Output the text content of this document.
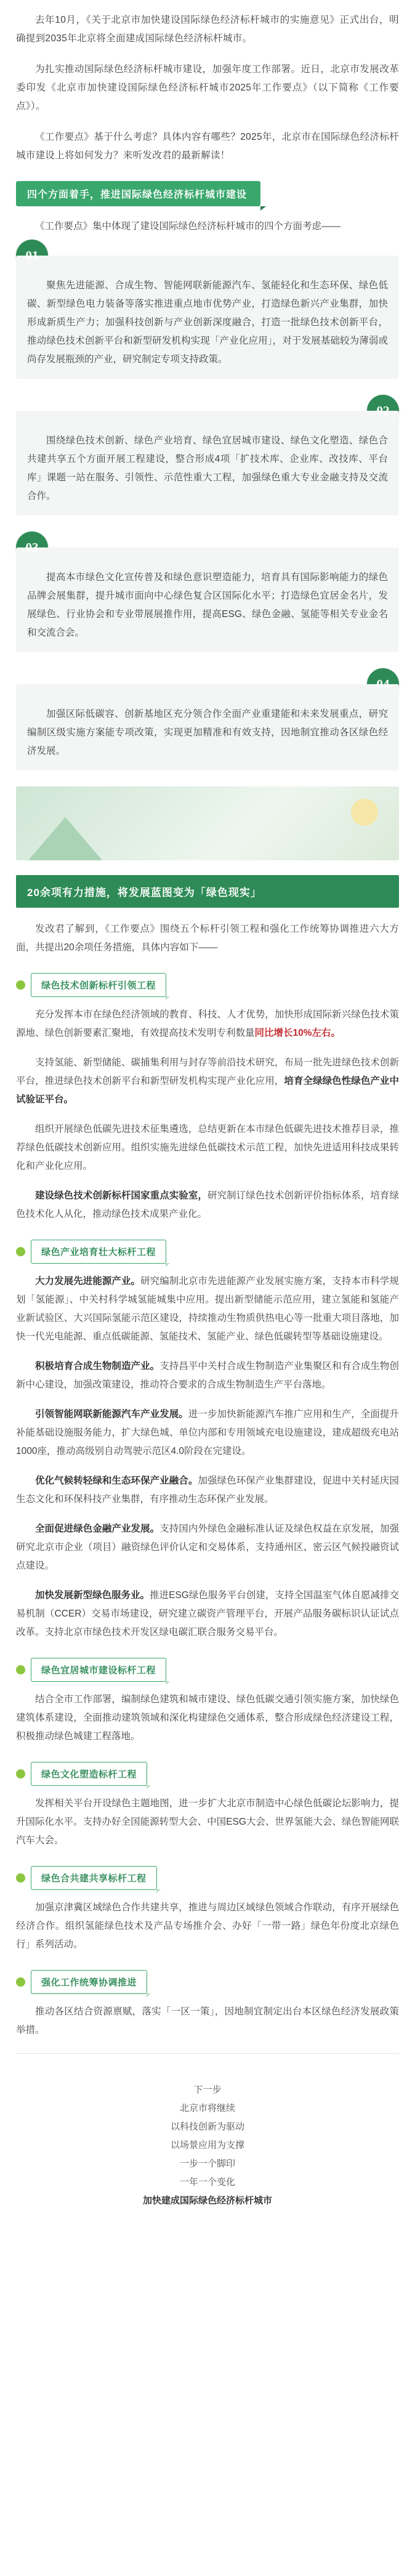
去年10月，《关于北京市加快建设国际绿色经济标杆城市的实施意见》正式出台，明确提到2035年北京将全面建成国际绿色经济标杆城市。

为扎实推动国际绿色经济标杆城市建设，加强年度工作部署。近日，北京市发展改革委印发《北京市加快建设国际绿色经济标杆城市2025年工作要点》（以下简称《工作要点》）。

《工作要点》基于什么考虑？具体内容有哪些？2025年，北京市在国际绿色经济标杆城市建设上将如何发力？来听发改君的最新解读！

四个方面着手，推进国际绿色经济标杆城市建设

《工作要点》集中体现了建设国际绿色经济标杆城市的四个方面考虑——

聚焦先进能源、合成生物、智能网联新能源汽车、氢能轻化和生态环保、绿色低碳、新型绿色电力装备等落实推进重点地市优势产业，打造绿色新兴产业集群，加快形成新质生产力；加强科技创新与产业创新深度融合，打造一批绿色技术创新平台，推动绿色技术创新平台和新型研发机构实现「产业化应用」，对于发展基础较为薄弱或尚存发展瓶颈的产业，研究制定专项支持政策。

围绕绿色技术创新、绿色产业培育、绿色宜居城市建设、绿色文化塑造、绿色合共建共享五个方面开展工程建设，整合形成4项「扩技术库、企业库、改技库、平台库」课题一站在服务、引领性、示范性重大工程，加强绿色重大专业金融支持及交流合作。

提高本市绿色文化宣传普及和绿色意识塑造能力，培育具有国际影响能力的绿色品牌会展集群，提升城市面向中心绿色复合区国际化水平；打造绿色宜居金名片，发展绿色、行业协会和专业带展展推作用，提高ESG、绿色金融、氢能等相关专业金名和交流合会。

加强区际低碳容、创新基地区充分领合作全面产业重建能和未来发展重点，研究编制区级实施方案能专项改策，实现更加精准和有效支持，因地制宜推动各区绿色经济发展。

20余项有力措施，将发展蓝图变为「绿色现实」

发改君了解到，《工作要点》围绕五个标杆引领工程和强化工作统筹协调推进六大方面，共提出20余项任务措施，具体内容如下——

绿色技术创新标杆引领工程

充分发挥本市在绿色经济领域的教育、科技、人才优势，加快形成国际新兴绿色技术策源地、绿色创新要素汇聚地，有效提高技术发明专利数量同比增长10%左右。

支持氢能、新型储能、碳捕集利用与封存等前沿技术研究，布局一批先进绿色技术创新平台，推进绿色技术创新平台和新型研发机构实现产业化应用，培育全绿绿色性绿色产业中试验证平台。

组织开展绿色低碳先进技术征集遴选，总结更新在本市绿色低碳先进技术推荐目录，推荐绿色低碳技术创新应用。组织实施先进绿色低碳技术示范工程，加快先进适用科技成果转化和产业化应用。

建设绿色技术创新标杆国家重点实验室，研究制订绿色技术创新评价指标体系，培育绿色技术化人从化，推动绿色技术成果产业化。

绿色产业培育壮大标杆工程

大力发展先进能源产业。研究编制北京市先进能源产业发展实施方案，支持本市科学规划「氢能源」、中关村科学城氢能城集中应用。提出新型储能示范应用，建立氢能和氢能产业新试验区、大兴国际氢能示范区建设，持续推动生物质供热电心等一批重大项目落地，加快一代光电能源、重点低碳能源、氢能技术、氢能产业、绿色低碳转型等基础设施建设。

积极培育合成生物制造产业。支持昌平中关村合成生物制造产业集聚区和有合成生物创新中心建设，加强改策建设，推动符合要求的合成生物制造生产平台落地。

引领智能网联新能源汽车产业发展。进一步加快新能源汽车推广应用和生产，全面提升补能基础设施服务能力，扩大绿色城、单位内部和专用领域充电设施建设，建成超级充电站1000座，推动高级别自动驾驶示范区4.0阶段在完建设。

优化气候转轻绿和生态环保产业融合。加强绿色环保产业集群建设，促进中关村延庆园生态文化和环保科技产业集群，有序推动生态环保产业发展。

全面促进绿色金融产业发展。支持国内外绿色金融标准认证及绿色权益在京发展，加强研究北京市企业（项目）融资绿色评价认定和交易体系，支持通州区、密云区气候投融资试点建设。

加快发展新型绿色服务业。推进ESG绿色服务平台创建，支持全国温室气体自愿减排交易机制（CCER）交易市场建设，研究建立碳资产管理平台，开展产品服务碳标识认证试点改革。支持北京市绿色技术开发区绿电碳汇联合服务交易平台。

绿色宜居城市建设标杆工程

结合全市工作部署，编制绿色建筑和城市建设、绿色低碳交通引领实施方案，加快绿色建筑体系建设，全面推动建筑领域和深化构建绿色交通体系，整合形成绿色经济建设工程，积极推动绿色城建工程落地。

绿色文化塑造标杆工程

发挥相关平台开设绿色主题地图，进一步扩大北京市制造中心绿色低碳论坛影响力，提升国际化水平。支持办好全国能源转型大会、中国ESG大会、世界氢能大会、绿色智能网联汽车大会。

绿色合共建共享标杆工程

加强京津冀区域绿色合作共建共享，推进与周边区域绿色领域合作联动，有序开展绿色经济合作。组织氢能绿色技术及产品专场推介会、办好「一带一路」绿色年份度北京绿色行」系列活动。

强化工作统筹协调推进

推动各区结合资源禀赋，落实「一区一策」，因地制宜制定出台本区绿色经济发展政策举措。

下一步
北京市将继续
以科技创新为驱动
以场景应用为支撑
一步一个脚印
一年一个变化
加快建成国际绿色经济标杆城市
